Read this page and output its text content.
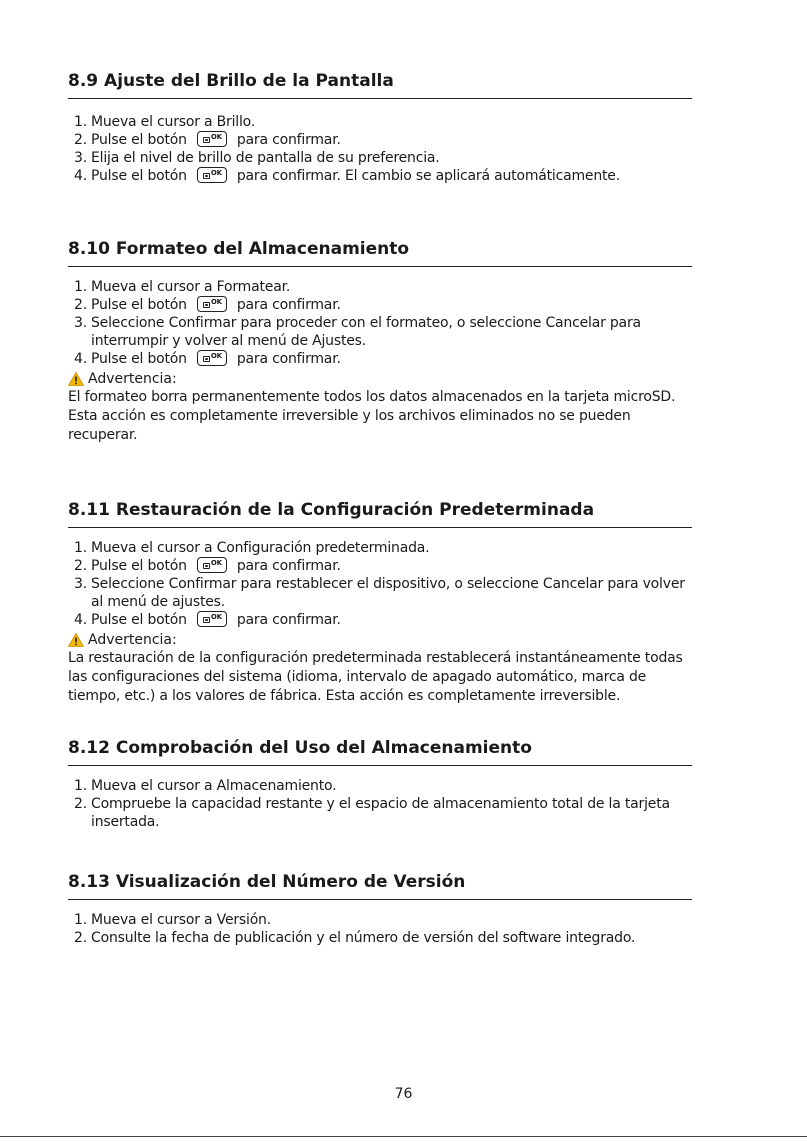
8.9 Ajuste del Brillo de la Pantalla
1. Mueva el cursor a Brillo.
2. Pulse el botón	OK para confirmar.
3. Elija el nivel de brillo de pantalla de su preferencia.
4. Pulse el botón	OK para confirmar. El cambio se aplicará automáticamente.
8.10 Formateo del Almacenamiento
1. Mueva el cursor a Formatear.
2. Pulse el botón	OK para confirmar.
3. Seleccione Confirmar para proceder con el formateo, o seleccione Cancelar para interrumpir y volver al menú de Ajustes.
4. Pulse el botón	OK para confirmar.
Advertencia:

El formateo borra permanentemente todos los datos almacenados en la tarjeta microSD. Esta acción es completamente irreversible y los archivos eliminados no se pueden recuperar.

8.11 Restauración de la Configuración Predeterminada
1. Mueva el cursor a Configuración predeterminada.
2. Pulse el botón	OK para confirmar.
3. Seleccione Confirmar para restablecer el dispositivo, o seleccione Cancelar para volver al menú de ajustes.
4. Pulse el botón	OK para confirmar.
Advertencia:

La restauración de la configuración predeterminada restablecerá instantáneamente todas las configuraciones del sistema (idioma, intervalo de apagado automático, marca de tiempo, etc.) a los valores de fábrica. Esta acción es completamente irreversible.

8.12 Comprobación del Uso del Almacenamiento
1. Mueva el cursor a Almacenamiento.
2. Compruebe la capacidad restante y el espacio de almacenamiento total de la tarjeta insertada.
8.13 Visualización del Número de Versión
1. Mueva el cursor a Versión.
2. Consulte la fecha de publicación y el número de versión del software integrado.
76
